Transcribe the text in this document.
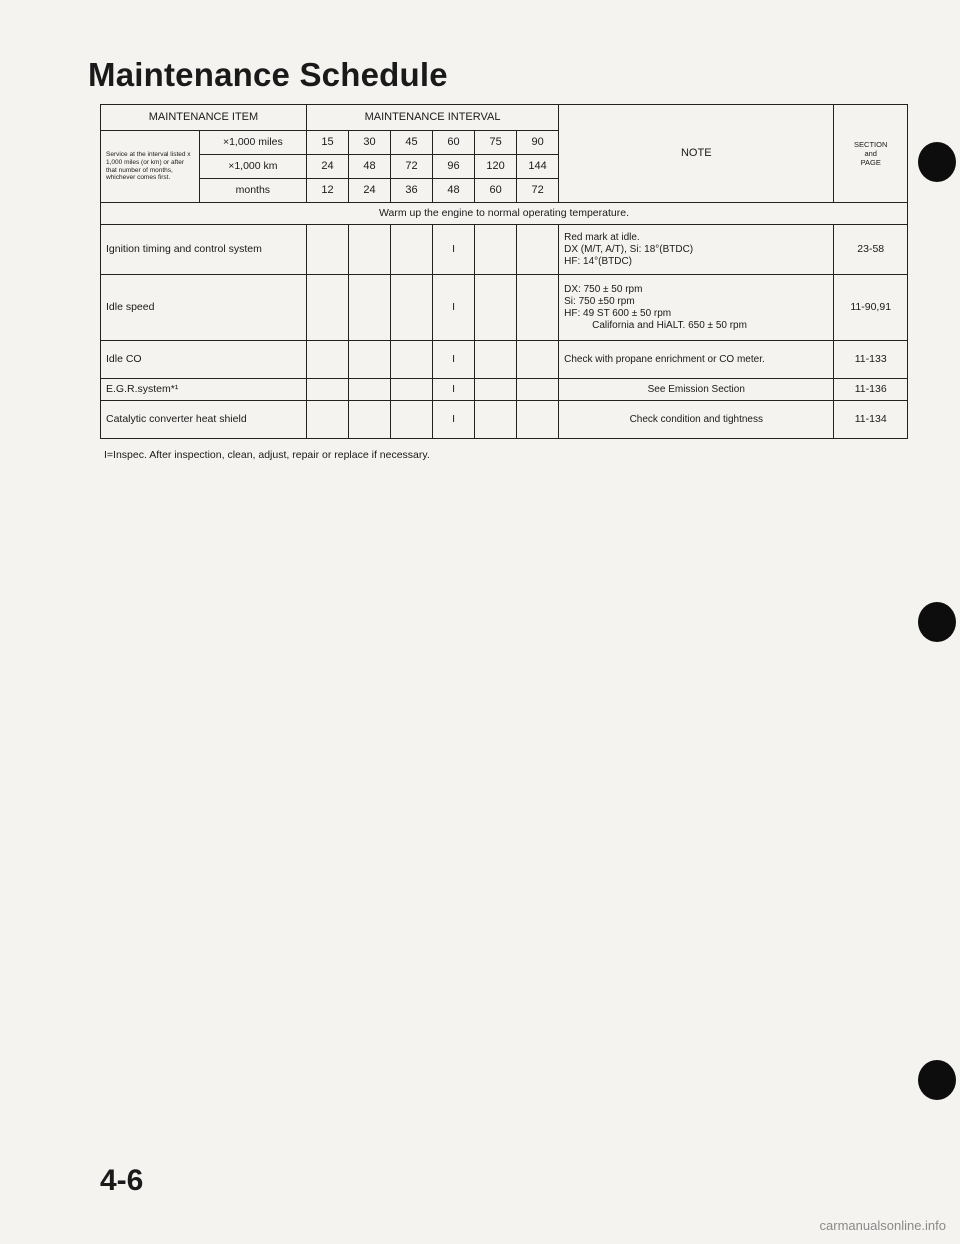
Maintenance Schedule
MAINTENANCE ITEM		MAINTENANCE INTERVAL						NOTE	SECTION
and
PAGE

Service at the interval listed x 1,000 miles (or km) or after that number of months, whichever comes first.	×1,000 miles	15	30	45	60	75	90		
	×1,000 km	24	48	72	96	120	144		
	months	12	24	36	48	60	72		
Warm up the engine to normal operating temperature.									
Ignition timing and control system					I			Red mark at idle.
DX (M/T, A/T), Si: 18°(BTDC)
HF: 14°(BTDC)	23-58
Idle speed					I			DX: 750 ± 50 rpm
Si: 750 ±50 rpm
HF: 49 ST 600 ± 50 rpm
California and HiALT. 650 ± 50 rpm	11-90,91
Idle CO					I			Check with propane enrichment or CO meter.	11-133
E.G.R.system*¹					I			See Emission Section	11-136
Catalytic converter heat shield					I			Check condition and tightness	11-134
I=Inspec. After inspection, clean, adjust, repair or replace if necessary.
4-6
carmanualsonline.info
